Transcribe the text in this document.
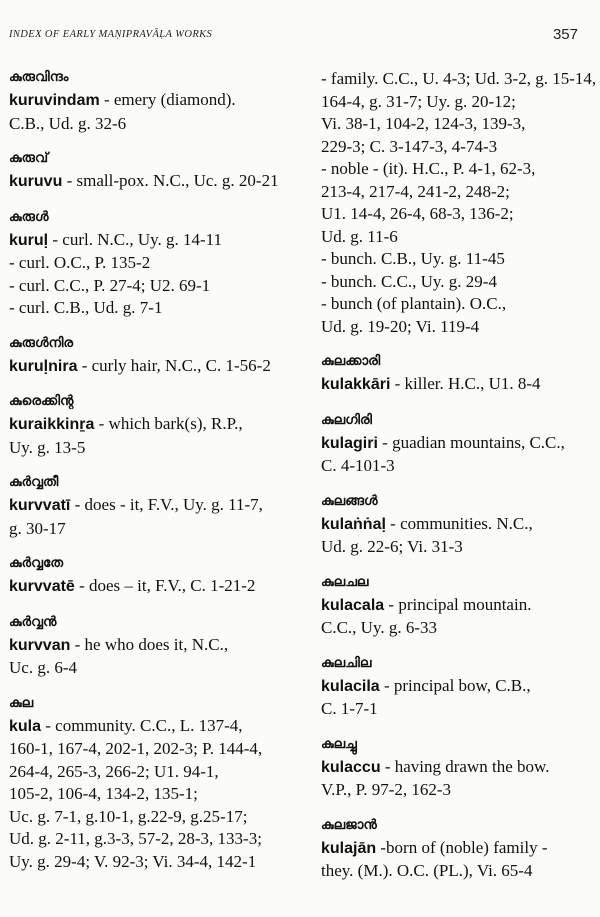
INDEX OF EARLY MAṆIPRAVĀḶA WORKS	357
കുരുവിന്ദം
kuruvindam - emery (diamond).
C.B., Ud. g. 32-6
കുരുവ്
kuruvu - small-pox. N.C., Uc. g. 20-21
കുരുൾ
kuruḷ - curl. N.C., Uy. g. 14-11
- curl. O.C., P. 135-2
- curl. C.C., P. 27-4; U2. 69-1
- curl. C.B., Ud. g. 7-1
കുരുൾനിര
kuruḷnira - curly hair, N.C., C. 1-56-2
കുരെക്കിന്റ
kuraikkinṟa - which bark(s), R.P.,
Uy. g. 13-5
കുർവ്വതീ
kurvvatī - does - it, F.V., Uy. g. 11-7,
g. 30-17
കുർവ്വതേ
kurvvatē - does – it, F.V., C. 1-21-2
കുർവ്വൻ
kurvvan - he who does it, N.C.,
Uc. g. 6-4
കുല
kula - community. C.C., L. 137-4,
160-1, 167-4, 202-1, 202-3; P. 144-4,
264-4, 265-3, 266-2; U1. 94-1,
105-2, 106-4, 134-2, 135-1;
Uc. g. 7-1, g.10-1, g.22-9, g.25-17;
Ud. g. 2-11, g.3-3, 57-2, 28-3, 133-3;
Uy. g. 29-4; V. 92-3; Vi. 34-4, 142-1
- family. C.C., U. 4-3; Ud. 3-2, g. 15-14,
164-4, g. 31-7; Uy. g. 20-12;
Vi. 38-1, 104-2, 124-3, 139-3,
229-3; C. 3-147-3, 4-74-3
- noble - (it). H.C., P. 4-1, 62-3,
213-4, 217-4, 241-2, 248-2;
U1. 14-4, 26-4, 68-3, 136-2;
Ud. g. 11-6
- bunch. C.B., Uy. g. 11-45
- bunch. C.C., Uy. g. 29-4
- bunch (of plantain). O.C.,
Ud. g. 19-20; Vi. 119-4
കുലക്കാരി
kulakkāri - killer. H.C., U1. 8-4
കുലഗിരി
kulagiri - guadian mountains, C.C.,
C. 4-101-3
കുലങ്ങൾ
kulaṅṅaḷ - communities. N.C.,
Ud. g. 22-6; Vi. 31-3
കുലചല
kulacala - principal mountain.
C.C., Uy. g. 6-33
കുലചില
kulacila - principal bow, C.B.,
C. 1-7-1
കുലച്ചു
kulaccu - having drawn the bow.
V.P., P. 97-2, 162-3
കുലജാൻ
kulajān -born of (noble) family -
they. (M.). O.C. (PL.), Vi. 65-4
